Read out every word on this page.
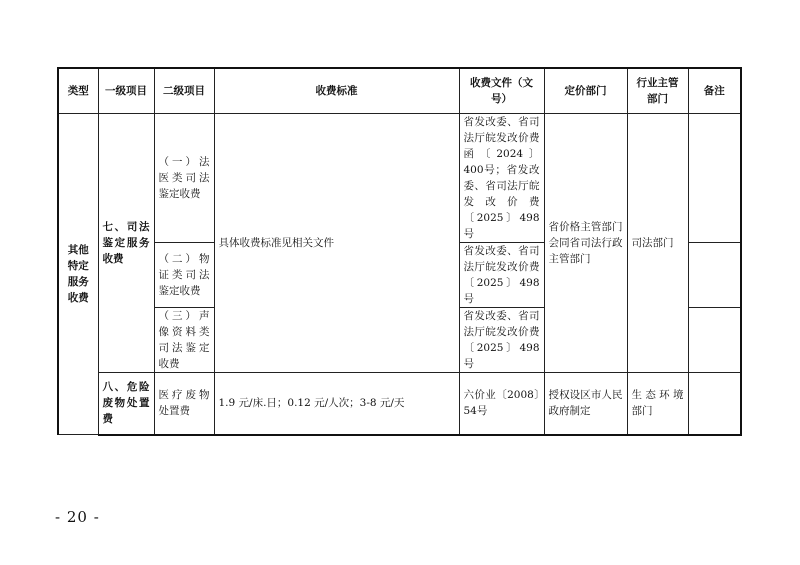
类型	一级项目	二级项目	收费标准	收费文件（文号）	定价部门	行业主管部门	备注
其他特定服务收费	七、司法鉴定服务收费	（一）法医类司法鉴定收费	具体收费标准见相关文件	省发改委、省司法厅皖发改价费函〔2024〕400号；省发改委、省司法厅皖发改价费〔2025〕498号	省价格主管部门会同省司法行政主管部门	司法部门	
		（二）物证类司法鉴定收费		省发改委、省司法厅皖发改价费〔2025〕498号			
		（三）声像资料类司法鉴定收费		省发改委、省司法厅皖发改价费〔2025〕498号			
	八、危险废物处置费	医疗废物处置费	1.9 元/床.日；0.12 元/人次；3-8 元/天	六价业〔2008〕54号	授权设区市人民政府制定	生态环境部门	
- 20 -
